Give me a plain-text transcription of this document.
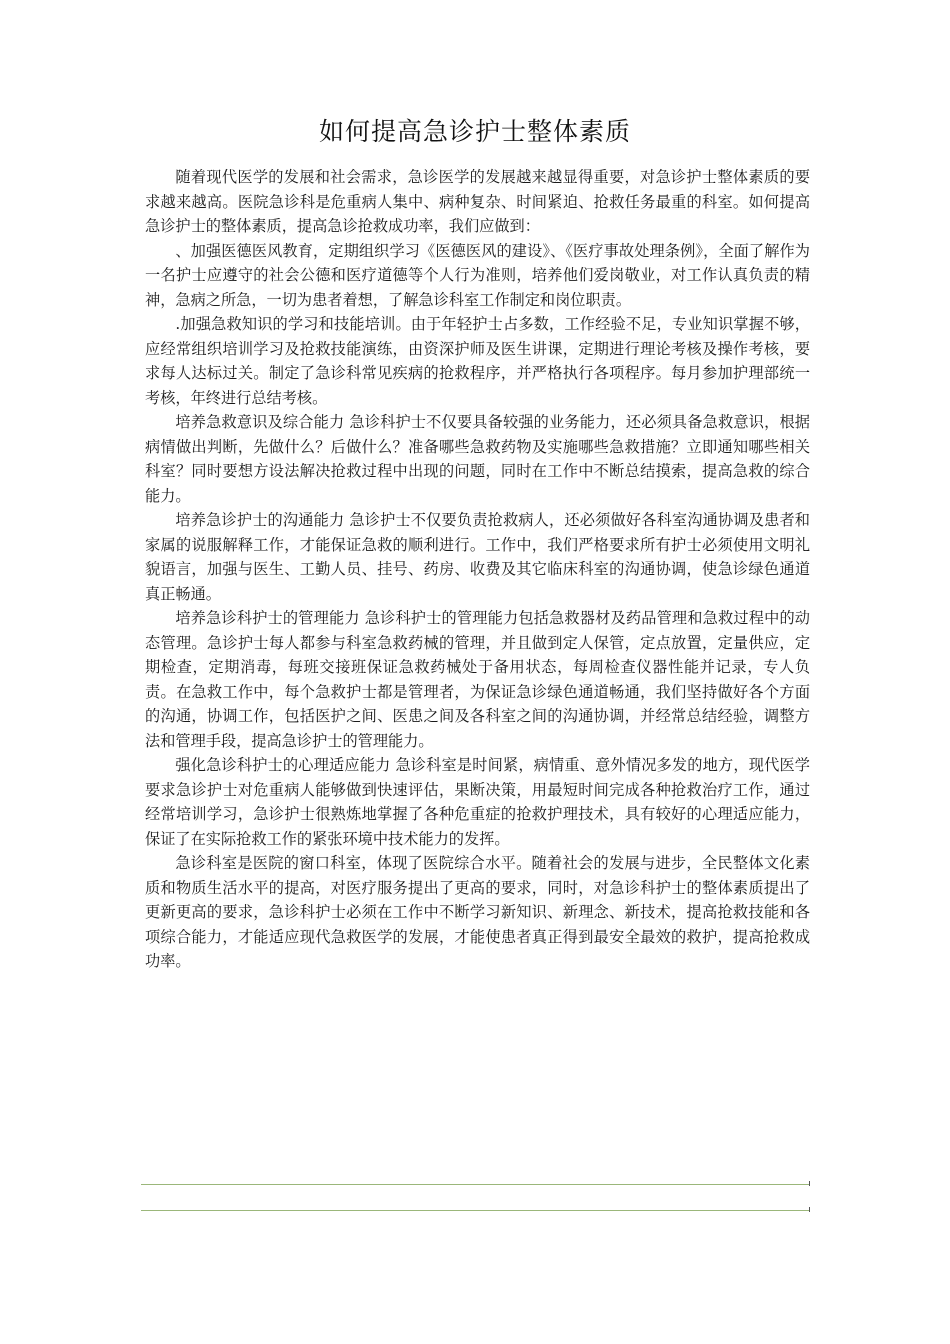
如何提高急诊护士整体素质

随着现代医学的发展和社会需求，急诊医学的发展越来越显得重要，对急诊护士整体素质的要求越来越高。医院急诊科是危重病人集中、病种复杂、时间紧迫、抢救任务最重的科室。如何提高急诊护士的整体素质，提高急诊抢救成功率，我们应做到：

、加强医德医风教育，定期组织学习《医德医风的建设》、《医疗事故处理条例》，全面了解作为一名护士应遵守的社会公德和医疗道德等个人行为准则，培养他们爱岗敬业，对工作认真负责的精神，急病之所急，一切为患者着想，了解急诊科室工作制定和岗位职责。

.加强急救知识的学习和技能培训。由于年轻护士占多数，工作经验不足，专业知识掌握不够，应经常组织培训学习及抢救技能演练，由资深护师及医生讲课，定期进行理论考核及操作考核，要求每人达标过关。制定了急诊科常见疾病的抢救程序，并严格执行各项程序。每月参加护理部统一考核，年终进行总结考核。

培养急救意识及综合能力 急诊科护士不仅要具备较强的业务能力，还必须具备急救意识，根据病情做出判断，先做什么？后做什么？准备哪些急救药物及实施哪些急救措施？立即通知哪些相关科室？同时要想方设法解决抢救过程中出现的问题，同时在工作中不断总结摸索，提高急救的综合能力。

培养急诊护士的沟通能力 急诊护士不仅要负责抢救病人，还必须做好各科室沟通协调及患者和家属的说服解释工作，才能保证急救的顺利进行。工作中，我们严格要求所有护士必须使用文明礼貌语言，加强与医生、工勤人员、挂号、药房、收费及其它临床科室的沟通协调，使急诊绿色通道真正畅通。

培养急诊科护士的管理能力 急诊科护士的管理能力包括急救器材及药品管理和急救过程中的动态管理。急诊护士每人都参与科室急救药械的管理，并且做到定人保管，定点放置，定量供应，定期检查，定期消毒，每班交接班保证急救药械处于备用状态，每周检查仪器性能并记录，专人负责。在急救工作中，每个急救护士都是管理者，为保证急诊绿色通道畅通，我们坚持做好各个方面的沟通，协调工作，包括医护之间、医患之间及各科室之间的沟通协调，并经常总结经验，调整方法和管理手段，提高急诊护士的管理能力。

强化急诊科护士的心理适应能力 急诊科室是时间紧，病情重、意外情况多发的地方，现代医学要求急诊护士对危重病人能够做到快速评估，果断决策，用最短时间完成各种抢救治疗工作，通过经常培训学习，急诊护士很熟炼地掌握了各种危重症的抢救护理技术，具有较好的心理适应能力，保证了在实际抢救工作的紧张环境中技术能力的发挥。

急诊科室是医院的窗口科室，体现了医院综合水平。随着社会的发展与进步，全民整体文化素质和物质生活水平的提高，对医疗服务提出了更高的要求，同时，对急诊科护士的整体素质提出了更新更高的要求，急诊科护士必须在工作中不断学习新知识、新理念、新技术，提高抢救技能和各项综合能力，才能适应现代急救医学的发展，才能使患者真正得到最安全最效的救护，提高抢救成功率。
